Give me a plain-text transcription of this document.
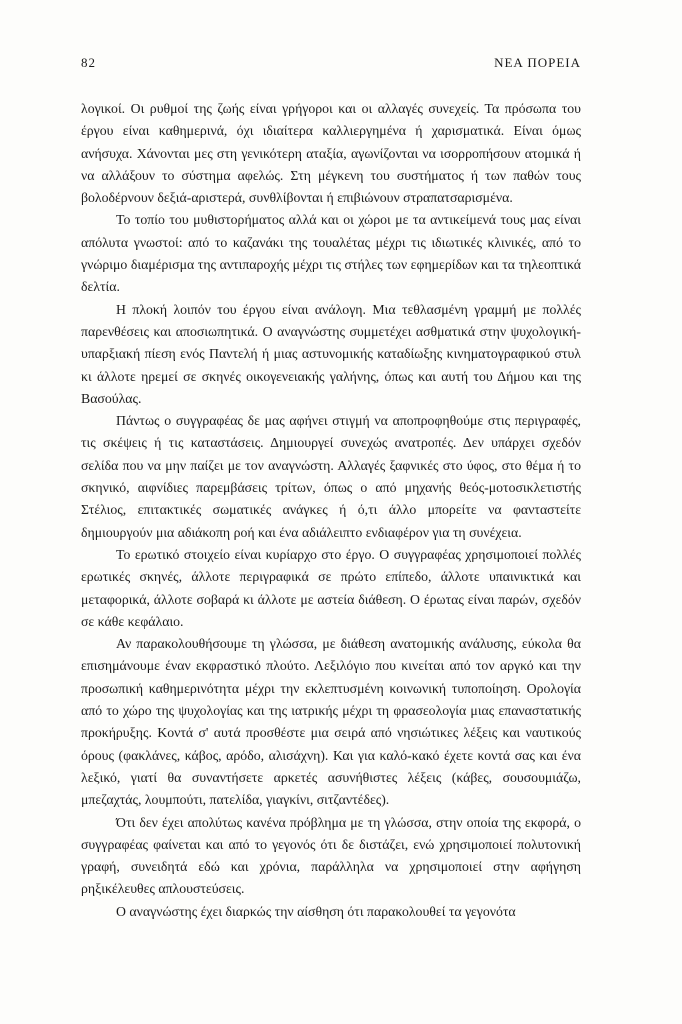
82	ΝΕΑ ΠΟΡΕΙΑ

λογικοί. Οι ρυθμοί της ζωής είναι γρήγοροι και οι αλλαγές συνεχείς. Τα πρόσωπα του έργου είναι καθημερινά, όχι ιδιαίτερα καλλιεργημένα ή χαρισματικά. Είναι όμως ανήσυχα. Χάνονται μες στη γενικότερη αταξία, αγωνίζονται να ισορροπήσουν ατομικά ή να αλλάξουν το σύστημα αφελώς. Στη μέγκενη του συστήματος ή των παθών τους βολοδέρνουν δεξιά-αριστερά, συνθλίβονται ή επιβιώνουν στραπατσαρισμένα.

Το τοπίο του μυθιστορήματος αλλά και οι χώροι με τα αντικείμενά τους μας είναι απόλυτα γνωστοί: από το καζανάκι της τουαλέτας μέχρι τις ιδιωτικές κλινικές, από το γνώριμο διαμέρισμα της αντιπαροχής μέχρι τις στήλες των εφημερίδων και τα τηλεοπτικά δελτία.

Η πλοκή λοιπόν του έργου είναι ανάλογη. Μια τεθλασμένη γραμμή με πολλές παρενθέσεις και αποσιωπητικά. Ο αναγνώστης συμμετέχει ασθματικά στην ψυχολογική-υπαρξιακή πίεση ενός Παντελή ή μιας αστυνομικής καταδίωξης κινηματογραφικού στυλ κι άλλοτε ηρεμεί σε σκηνές οικογενειακής γαλήνης, όπως και αυτή του Δήμου και της Βασούλας.

Πάντως ο συγγραφέας δε μας αφήνει στιγμή να αποπροφηθούμε στις περιγραφές, τις σκέψεις ή τις καταστάσεις. Δημιουργεί συνεχώς ανατροπές. Δεν υπάρχει σχεδόν σελίδα που να μην παίζει με τον αναγνώστη. Αλλαγές ξαφνικές στο ύφος, στο θέμα ή το σκηνικό, αιφνίδιες παρεμβάσεις τρίτων, όπως ο από μηχανής θεός-μοτοσικλετιστής Στέλιος, επιτακτικές σωματικές ανάγκες ή ό,τι άλλο μπορείτε να φανταστείτε δημιουργούν μια αδιάκοπη ροή και ένα αδιάλειπτο ενδιαφέρον για τη συνέχεια.

Το ερωτικό στοιχείο είναι κυρίαρχο στο έργο. Ο συγγραφέας χρησιμοποιεί πολλές ερωτικές σκηνές, άλλοτε περιγραφικά σε πρώτο επίπεδο, άλλοτε υπαινικτικά και μεταφορικά, άλλοτε σοβαρά κι άλλοτε με αστεία διάθεση. Ο έρωτας είναι παρών, σχεδόν σε κάθε κεφάλαιο.

Αν παρακολουθήσουμε τη γλώσσα, με διάθεση ανατομικής ανάλυσης, εύκολα θα επισημάνουμε έναν εκφραστικό πλούτο. Λεξιλόγιο που κινείται από τον αργκό και την προσωπική καθημερινότητα μέχρι την εκλεπτυσμένη κοινωνική τυποποίηση. Ορολογία από το χώρο της ψυχολογίας και της ιατρικής μέχρι τη φρασεολογία μιας επαναστατικής προκήρυξης. Κοντά σ' αυτά προσθέστε μια σειρά από νησιώτικες λέξεις και ναυτικούς όρους (φακλάνες, κάβος, αρόδο, αλισάχνη). Και για καλό-κακό έχετε κοντά σας και ένα λεξικό, γιατί θα συναντήσετε αρκετές ασυνήθιστες λέξεις (κάβες, σουσουμιάζω, μπεζαχτάς, λουμπούτι, πατελίδα, γιαγκίνι, σιτζαντέδες).

Ότι δεν έχει απολύτως κανένα πρόβλημα με τη γλώσσα, στην οποία της εκφορά, ο συγγραφέας φαίνεται και από το γεγονός ότι δε διστάζει, ενώ χρησιμοποιεί πολυτονική γραφή, συνειδητά εδώ και χρόνια, παράλληλα να χρησιμοποιεί στην αφήγηση ρηξικέλευθες απλουστεύσεις.

Ο αναγνώστης έχει διαρκώς την αίσθηση ότι παρακολουθεί τα γεγονότα
